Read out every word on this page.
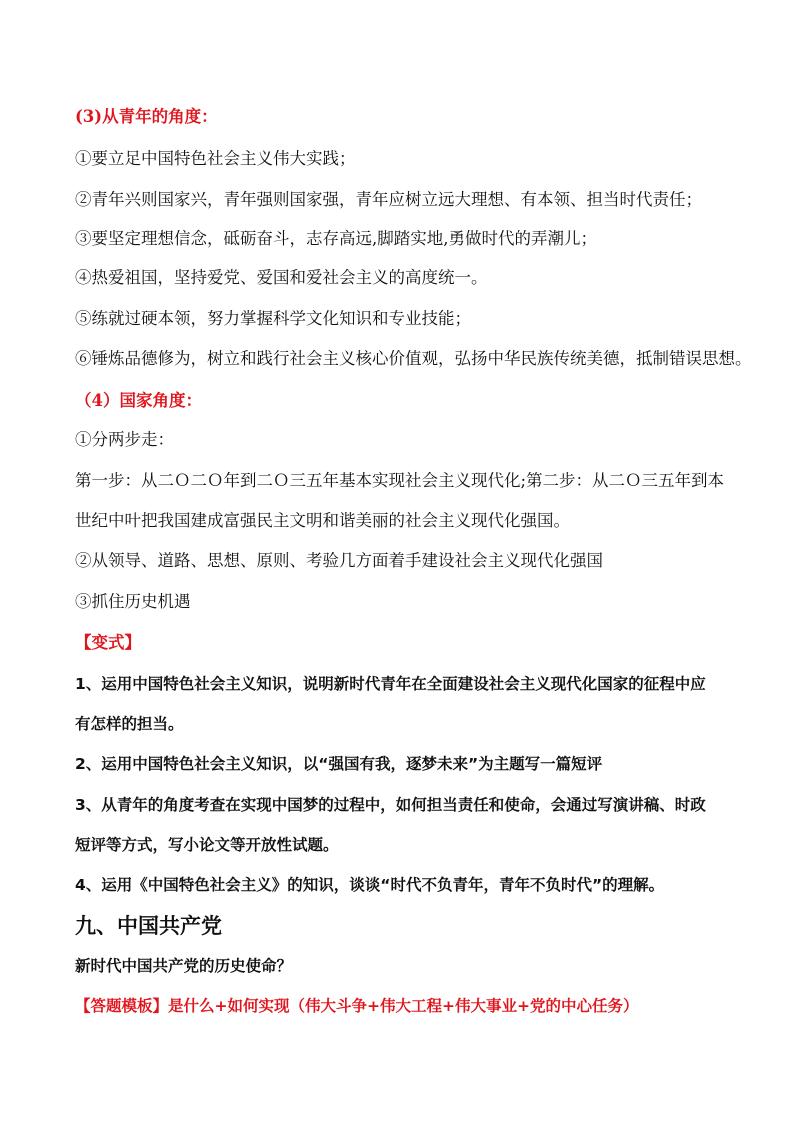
(3)从青年的角度：
①要立足中国特色社会主义伟大实践；
②青年兴则国家兴，青年强则国家强，青年应树立远大理想、有本领、担当时代责任；
③要坚定理想信念，砥砺奋斗，志存高远,脚踏实地,勇做时代的弄潮儿；
④热爱祖国，坚持爱党、爱国和爱社会主义的高度统一。
⑤练就过硬本领，努力掌握科学文化知识和专业技能；
⑥锤炼品德修为，树立和践行社会主义核心价值观，弘扬中华民族传统美德，抵制错误思想。
（4）国家角度：
①分两步走：
第一步：从二Ｏ二Ｏ年到二Ｏ三五年基本实现社会主义现代化;第二步：从二Ｏ三五年到本
世纪中叶把我国建成富强民主文明和谐美丽的社会主义现代化强国。
②从领导、道路、思想、原则、考验几方面着手建设社会主义现代化强国
③抓住历史机遇
【变式】
1、运用中国特色社会主义知识，说明新时代青年在全面建设社会主义现代化国家的征程中应
有怎样的担当。
2、运用中国特色社会主义知识，以“强国有我，逐梦未来”为主题写一篇短评
3、从青年的角度考查在实现中国梦的过程中，如何担当责任和使命，会通过写演讲稿、时政
短评等方式，写小论文等开放性试题。
4、运用《中国特色社会主义》的知识，谈谈“时代不负青年，青年不负时代”的理解。
九、中国共产党
新时代中国共产党的历史使命？
【答题模板】是什么+如何实现（伟大斗争+伟大工程+伟大事业+党的中心任务）
